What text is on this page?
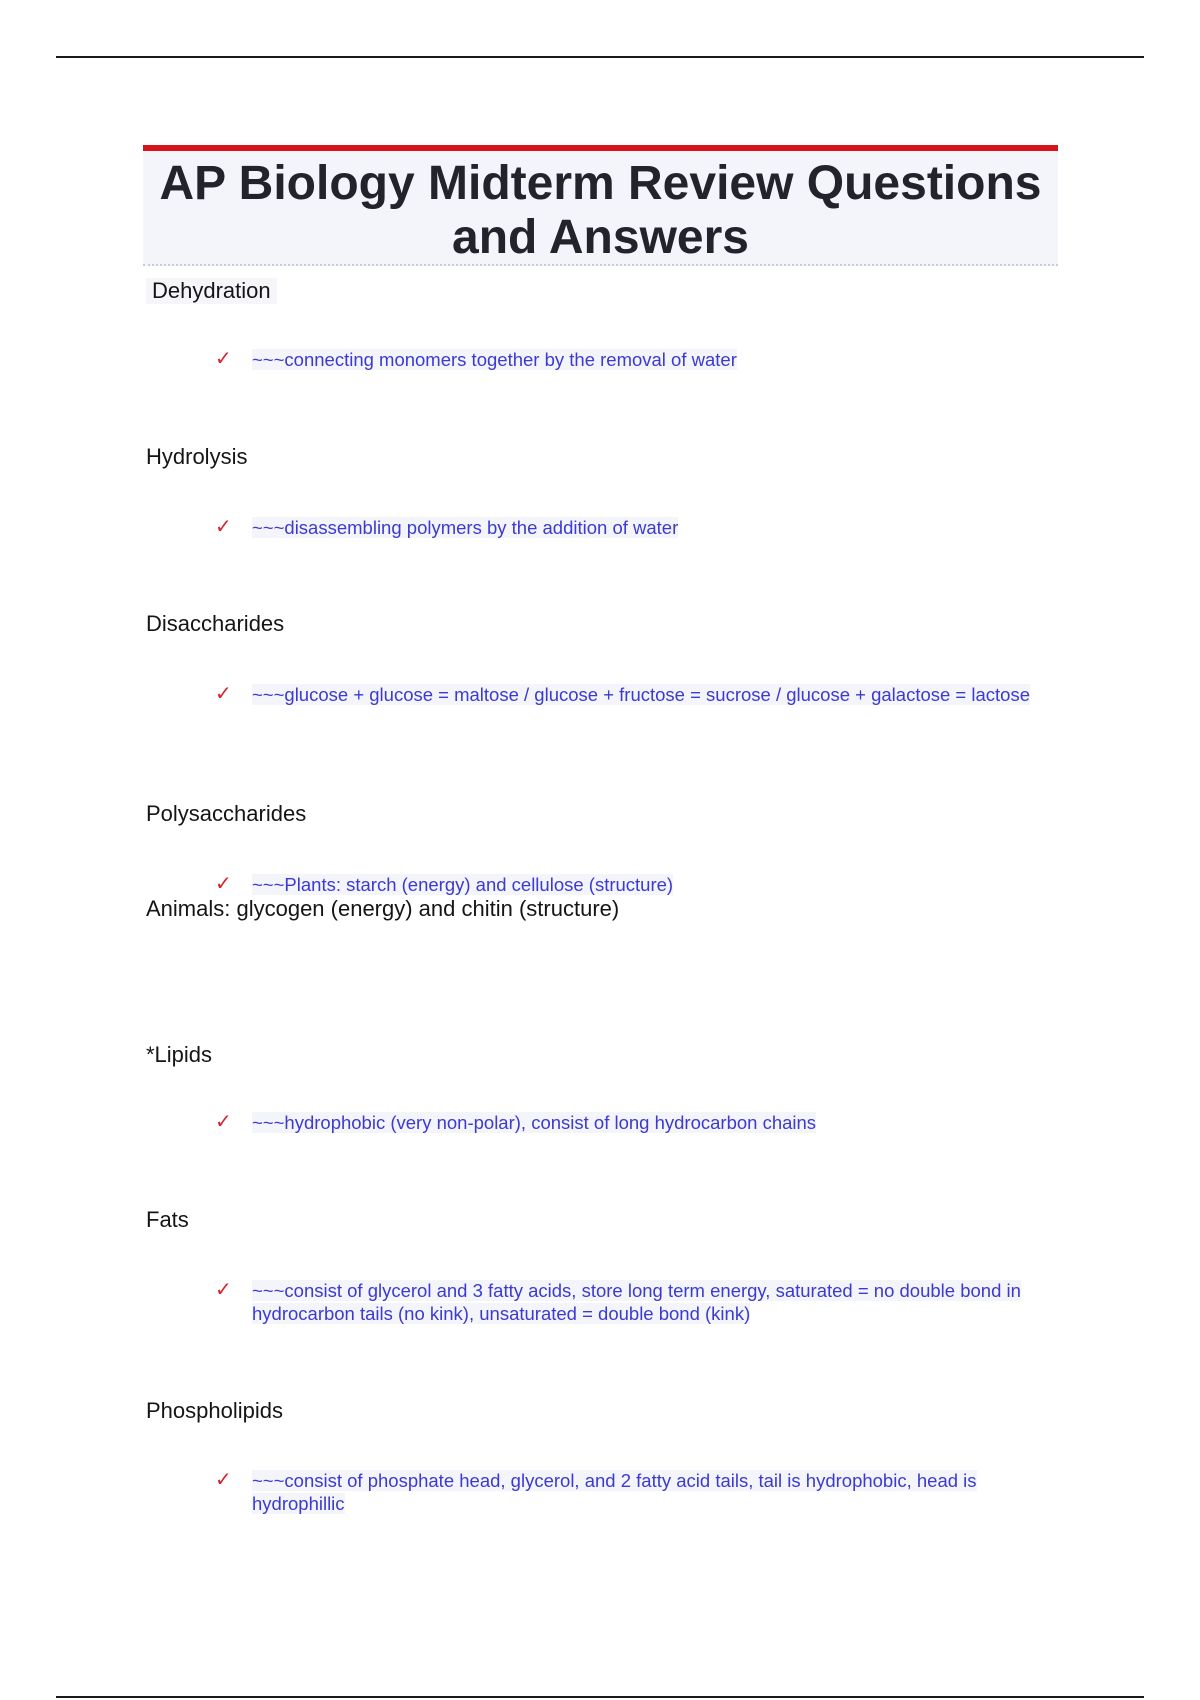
AP Biology Midterm Review Questions
and Answers
Dehydration
✓ ~~~connecting monomers together by the removal of water
Hydrolysis
✓ ~~~disassembling polymers by the addition of water
Disaccharides
✓ ~~~glucose + glucose = maltose / glucose + fructose = sucrose / glucose + galactose = lactose
Polysaccharides
✓ ~~~Plants: starch (energy) and cellulose (structure)
Animals: glycogen (energy) and chitin (structure)
*Lipids
✓ ~~~hydrophobic (very non-polar), consist of long hydrocarbon chains
Fats
✓ ~~~consist of glycerol and 3 fatty acids, store long term energy, saturated = no double bond in hydrocarbon tails (no kink), unsaturated = double bond (kink)
Phospholipids
✓ ~~~consist of phosphate head, glycerol, and 2 fatty acid tails, tail is hydrophobic, head is hydrophillic
